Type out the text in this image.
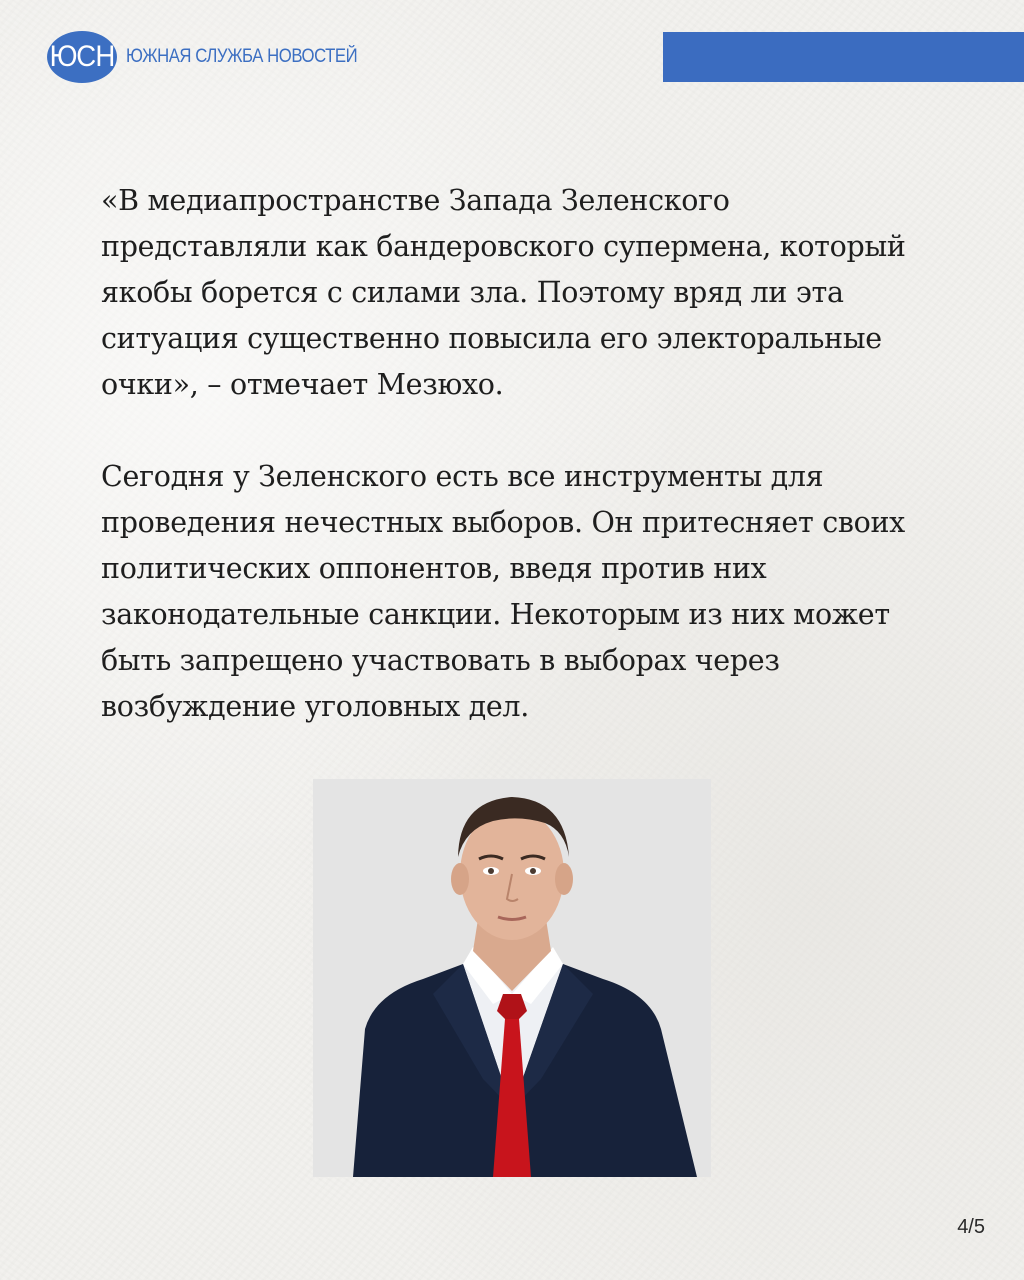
ЮСН ЮЖНАЯ СЛУЖБА НОВОСТЕЙ

«В медиапространстве Запада Зеленского представляли как бандеровского супермена, который якобы борется с силами зла. Поэтому вряд ли эта ситуация существенно повысила его электоральные очки», – отмечает Мезюхо.

Сегодня у Зеленского есть все инструменты для проведения нечестных выборов. Он притесняет своих политических оппонентов, введя против них законодательные санкции. Некоторым из них может быть запрещено участвовать в выборах через возбуждение уголовных дел.

4/5
